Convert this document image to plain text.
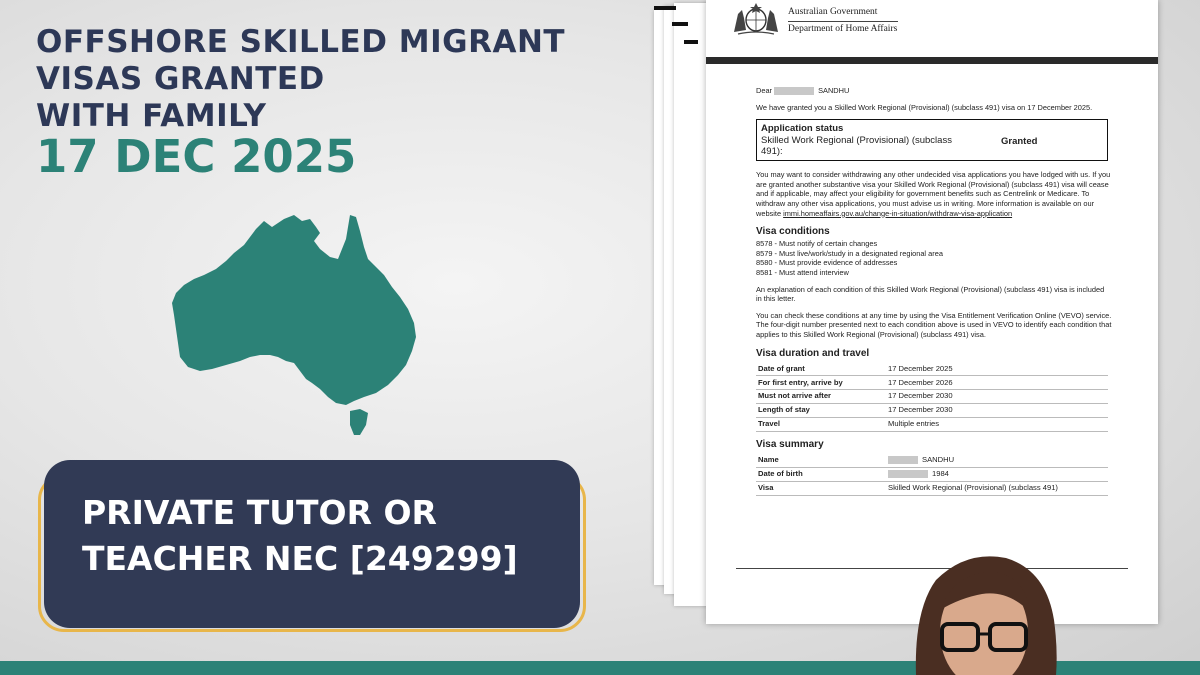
OFFSHORE SKILLED MIGRANT
VISAS GRANTED
WITH FAMILY
17 DEC 2025
PRIVATE TUTOR OR
TEACHER NEC [249299]
Australian Government
Department of Home Affairs
Dear	SANDHU
We have granted you a Skilled Work Regional (Provisional) (subclass 491) visa on 17 December 2025.
Application status
Skilled Work Regional (Provisional) (subclass 491):
Granted
You may want to consider withdrawing any other undecided visa applications you have lodged with us. If you are granted another substantive visa your Skilled Work Regional (Provisional) (subclass 491) visa will cease and if applicable, may affect your eligibility for government benefits such as Centrelink or Medicare. To withdraw any other visa applications, you must advise us in writing. More information is available on our website immi.homeaffairs.gov.au/change-in-situation/withdraw-visa-application
Visa conditions
8578 - Must notify of certain changes
8579 - Must live/work/study in a designated regional area
8580 - Must provide evidence of addresses
8581 - Must attend interview
An explanation of each condition of this Skilled Work Regional (Provisional) (subclass 491) visa is included in this letter.
You can check these conditions at any time by using the Visa Entitlement Verification Online (VEVO) service. The four-digit number presented next to each condition above is used in VEVO to identify each condition that applies to this Skilled Work Regional (Provisional) (subclass 491) visa.
Visa duration and travel
Date of grant	17 December 2025
For first entry, arrive by	17 December 2026
Must not arrive after	17 December 2030
Length of stay	17 December 2030
Travel	Multiple entries
Visa summary
Name	SANDHU
Date of birth	1984
Visa	Skilled Work Regional (Provisional) (subclass 491)
